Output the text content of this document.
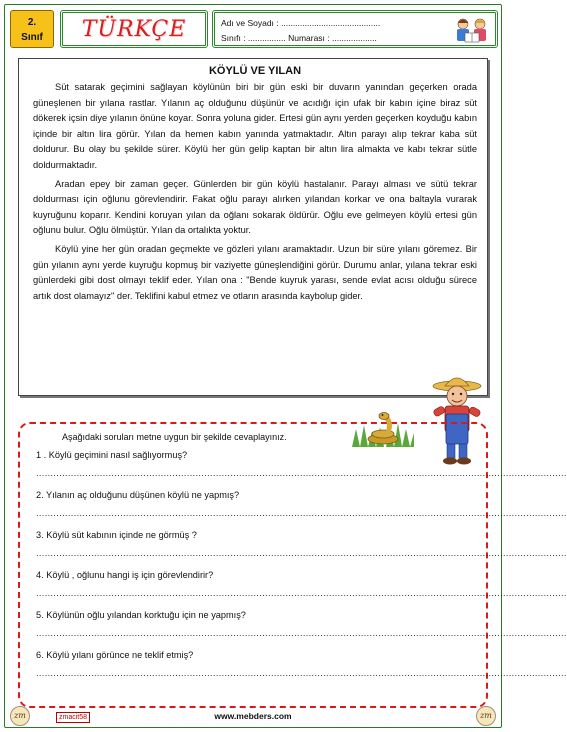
2.
Sınıf	TÜRKÇE	Adı ve Soyadı : ..........................................
Sınıfı : ................ Numarası : ...................
KÖYLÜ VE YILAN

Süt satarak geçimini sağlayan köylünün biri bir gün eski bir duvarın yanından geçerken orada güneşlenen bir yılana rastlar. Yılanın aç olduğunu düşünür ve acıdığı için ufak bir kabın içine biraz süt dökerek içsin diye yılanın önüne koyar. Sonra yoluna gider. Ertesi gün aynı yerden geçerken koyduğu kabın içinde bir altın lira görür. Yılan da hemen kabın yanında yatmaktadır. Altın parayı alıp tekrar kaba süt doldurur. Bu olay bu şekilde sürer. Köylü her gün gelip kaptan bir altın lira almakta ve kabı tekrar sütle doldurmaktadır.

Aradan epey bir zaman geçer. Günlerden bir gün köylü hastalanır. Parayı alması ve sütü tekrar doldurması için oğlunu görevlendirir. Fakat oğlu parayı alırken yılandan korkar ve ona baltayla vurarak kuyruğunu koparır. Kendini koruyan yılan da oğlanı sokarak öldürür. Oğlu eve gelmeyen köylü ertesi gün oğlunu bulur. Oğlu ölmüştür. Yılan da ortalıkta yoktur.

Köylü yine her gün oradan geçmekte ve gözleri yılanı aramaktadır. Uzun bir süre yılanı göremez. Bir gün yılanın aynı yerde kuyruğu kopmuş bir vaziyette güneşlendiğini görür. Durumu anlar, yılana tekrar eski günlerdeki gibi dost olmayı teklif eder. Yılan ona : "Bende kuyruk yarası, sende evlat acısı olduğu sürece artık dost olamayız" der. Teklifini kabul etmez ve otların arasında kaybolup gider.

Aşağıdaki soruları metne uygun bir şekilde cevaplayınız.
1 . Köylü geçimini nasıl sağlıyormuş?
.......................................................................................................................................................................................
2. Yılanın aç olduğunu düşünen köylü ne yapmış?
.......................................................................................................................................................................................
3. Köylü süt kabının içinde ne görmüş ?
.......................................................................................................................................................................................
4. Köylü , oğlunu hangi iş için görevlendirir?
.......................................................................................................................................................................................
5. Köylünün oğlu yılandan korktuğu için ne yapmış?
.......................................................................................................................................................................................
6. Köylü yılanı görünce ne teklif etmiş?
.......................................................................................................................................................................................
zm	zmacit58	www.mebders.com	zm
